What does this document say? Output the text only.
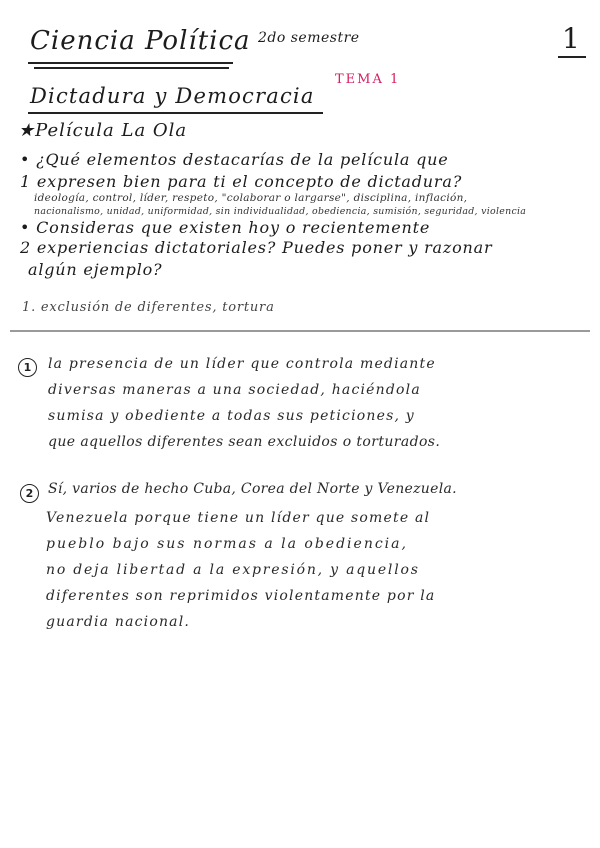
Ciencia Política 2do semestre	1
Dictadura y Democracia
TEMA 1
★Película La Ola
• ¿Qué elementos destacarías de la película que
1 expresen bien para ti el concepto de dictadura?
ideología, control, líder, respeto, "colaborar o largarse", disciplina, inflación,
nacionalismo, unidad, uniformidad, sin individualidad, obediencia, sumisión, seguridad, violencia
• Consideras que existen hoy o recientemente
2 experiencias dictatoriales? Puedes poner y razonar
algún ejemplo?
1. exclusión de diferentes, tortura
1	la presencia de un líder que controla mediante
diversas maneras a una sociedad, haciéndola
sumisa y obediente a todas sus peticiones, y
que aquellos diferentes sean excluidos o torturados.
2	Sí, varios de hecho Cuba, Corea del Norte y Venezuela.
Venezuela porque tiene un líder que somete al
pueblo bajo sus normas a la obediencia,
no deja libertad a la expresión, y aquellos
diferentes son reprimidos violentamente por la
guardia nacional.
